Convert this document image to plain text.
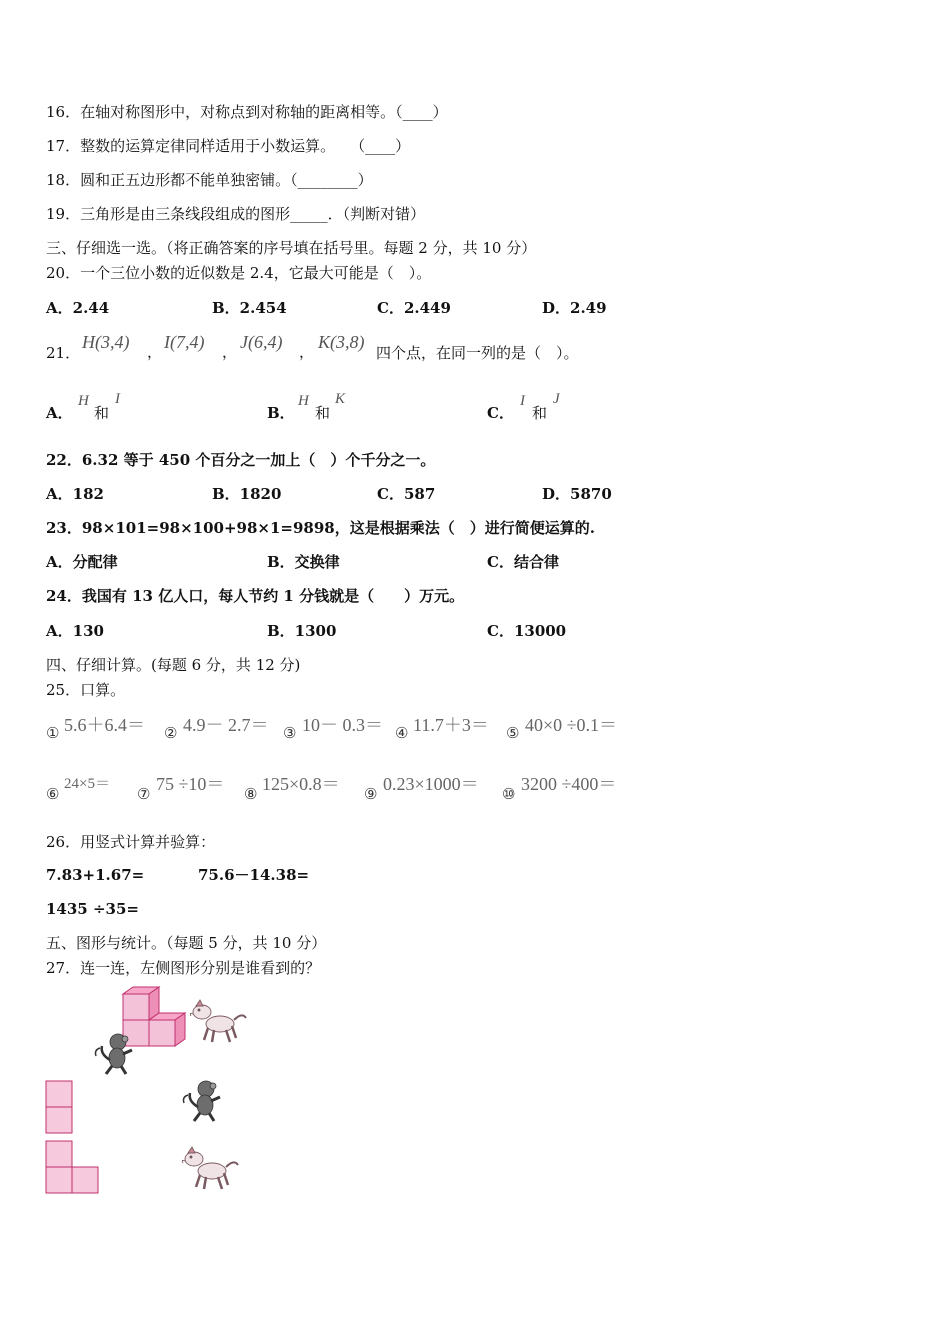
16．在轴对称图形中，对称点到对称轴的距离相等。（____）
17．整数的运算定律同样适用于小数运算。　　（____）
18．圆和正五边形都不能单独密铺。（________）
19．三角形是由三条线段组成的图形_____．（判断对错）
三、仔细选一选。（将正确答案的序号填在括号里。每题 2 分，共 10 分）
20．一个三位小数的近似数是 2.4，它最大可能是（　）。
A．2.44	B．2.454	C．2.449	D．2.49
21．
H(3,4) ， I(7,4) ， J(6,4) ， K(3,8)
四个点，在同一列的是（　）。
A．
H
和
I
B．
H
和
K
C．
I
和
J
22．6.32 等于 450 个百分之一加上（　）个千分之一。
A．182	B．1820	C．587	D．5870
23．98×101=98×100+98×1=9898，这是根据乘法（　）进行简便运算的.
A．分配律	B．交换律	C．结合律
24．我国有 13 亿人口，每人节约 1 分钱就是（　　）万元。
A．130	B．1300	C．13000
四、仔细计算。(每题 6 分，共 12 分)
25．口算。
① 5.6＋6.4＝ ② 4.9－ 2.7＝ ③ 10－ 0.3＝ ④ 11.7＋3＝ ⑤ 40×0 ÷0.1＝
⑥
24×5＝
⑦ 75 ÷10＝ ⑧ 125×0.8＝ ⑨ 0.23×1000＝ ⑩ 3200 ÷400＝
26．用竖式计算并验算：
7.83+1.67=	75.6－14.38=
1435 ÷35=
五、图形与统计。（每题 5 分，共 10 分）
27．连一连，左侧图形分别是谁看到的？
